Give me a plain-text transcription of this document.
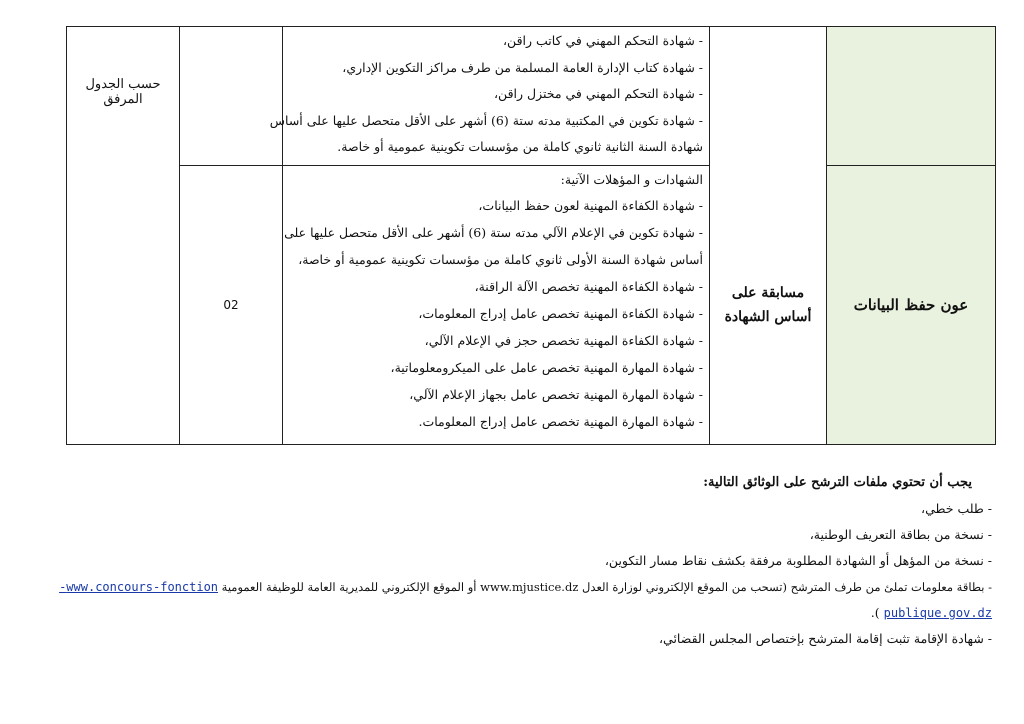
حسب الجدول المرفق
02
- شهادة التحكم المهني في كاتب راقن،
- شهادة كتاب الإدارة العامة المسلمة من طرف مراكز التكوين الإداري،
- شهادة التحكم المهني في مختزل راقن،
- شهادة تكوين في المكتبية مدته ستة (6) أشهر على الأقل متحصل عليها على أساس
شهادة السنة الثانية ثانوي كاملة من مؤسسات تكوينية عمومية أو خاصة.
الشهادات و المؤهلات الآتية:
- شهادة الكفاءة المهنية لعون حفظ البيانات،
- شهادة تكوين في الإعلام الآلي مدته ستة (6) أشهر على الأقل متحصل عليها على
أساس شهادة السنة الأولى ثانوي كاملة من مؤسسات تكوينية عمومية أو خاصة،
- شهادة الكفاءة المهنية تخصص الآلة الراقنة،
- شهادة الكفاءة المهنية تخصص عامل إدراج المعلومات،
- شهادة الكفاءة المهنية تخصص حجز في الإعلام الآلي،
- شهادة المهارة المهنية تخصص عامل على الميكرومعلوماتية،
- شهادة المهارة المهنية تخصص عامل بجهاز الإعلام الآلي،
- شهادة المهارة المهنية تخصص عامل إدراج المعلومات.
مسابقة على أساس الشهادة
عون حفظ البيانات
يجب أن تحتوي ملفات الترشح على الوثائق التالية:
- طلب خطي،
- نسخة من بطاقة التعريف الوطنية،
- نسخة من المؤهل أو الشهادة المطلوبة مرفقة بكشف نقاط مسار التكوين،
- بطاقة معلومات تملئ من طرف المترشح (تسحب من الموقع الإلكتروني لوزارة العدل www.mjustice.dz أو الموقع الإلكتروني للمديرية العامة للوظيفة العمومية www.concours-fonction-
publique.gov.dz ).
- شهادة الإقامة تثبت إقامة المترشح بإختصاص المجلس القضائي،
